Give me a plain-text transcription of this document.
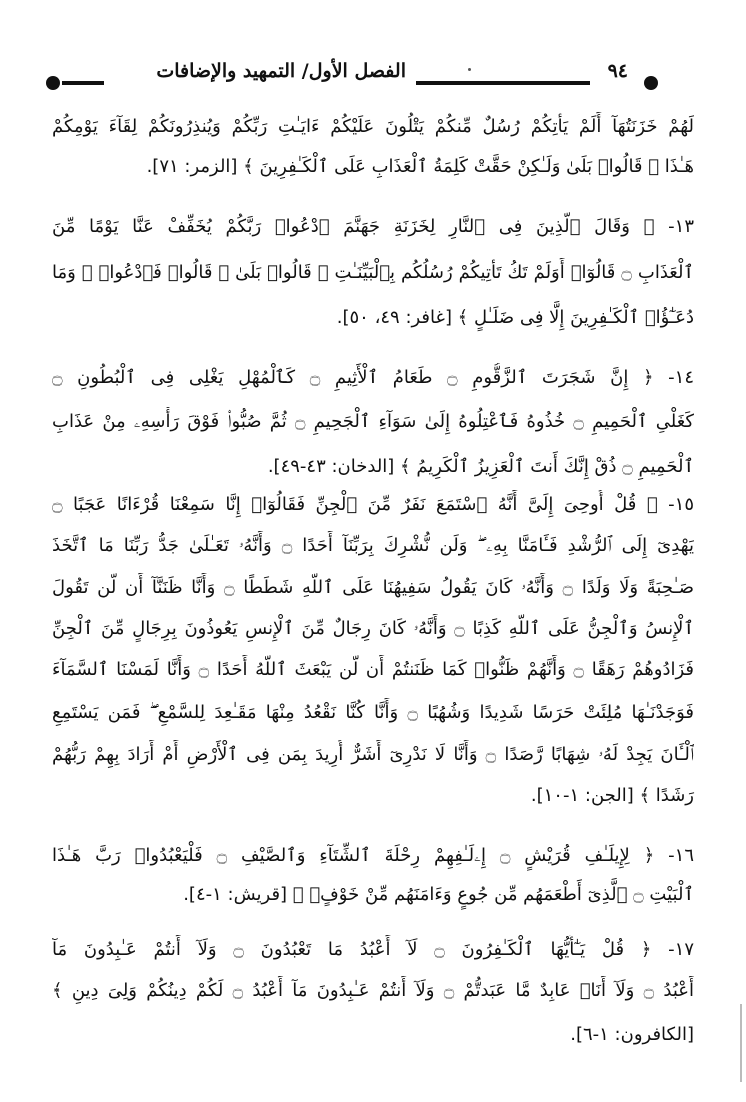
٩٤
الفصل الأول/ التمهيد والإضافات
لَهُمْ خَزَنَتُهَآ أَلَمْ يَأْتِكُمْ رُسُلٌ مِّنكُمْ يَتْلُونَ عَلَيْكُمْ ءَايَـٰتِ رَبِّكُمْ وَيُنذِرُونَكُمْ لِقَآءَ يَوْمِكُمْ
هَـٰذَا ۚ قَالُوا۟ بَلَىٰ وَلَـٰكِنْ حَقَّتْ كَلِمَةُ ٱلْعَذَابِ عَلَى ٱلْكَـٰفِرِينَ ﴾ [الزمر: ٧١].
١٣- ﴿ وَقَالَ ٱلَّذِينَ فِى ٱلنَّارِ لِخَزَنَةِ جَهَنَّمَ ٱدْعُوا۟ رَبَّكُمْ يُخَفِّفْ عَنَّا يَوْمًا مِّنَ
ٱلْعَذَابِ ۝ قَالُوٓا۟ أَوَلَمْ تَكُ تَأْتِيكُمْ رُسُلُكُم بِٱلْبَيِّنَـٰتِ ۖ قَالُوا۟ بَلَىٰ ۚ قَالُوا۟ فَٱدْعُوا۟ ۗ وَمَا
دُعَـٰٓؤُا۟ ٱلْكَـٰفِرِينَ إِلَّا فِى ضَلَـٰلٍ ﴾ [غافر: ٤٩، ٥٠].
١٤- ﴿ إِنَّ شَجَرَتَ ٱلزَّقُّومِ ۝ طَعَامُ ٱلْأَثِيمِ ۝ كَٱلْمُهْلِ يَغْلِى فِى ٱلْبُطُونِ ۝
كَغَلْىِ ٱلْحَمِيمِ ۝ خُذُوهُ فَٱعْتِلُوهُ إِلَىٰ سَوَآءِ ٱلْجَحِيمِ ۝ ثُمَّ صُبُّوا۟ فَوْقَ رَأْسِهِۦ مِنْ عَذَابِ
ٱلْحَمِيمِ ۝ ذُقْ إِنَّكَ أَنتَ ٱلْعَزِيزُ ٱلْكَرِيمُ ﴾ [الدخان: ٤٣-٤٩].
١٥- ﴿ قُلْ أُوحِىَ إِلَىَّ أَنَّهُ ٱسْتَمَعَ نَفَرٌ مِّنَ ٱلْجِنِّ فَقَالُوٓا۟ إِنَّا سَمِعْنَا قُرْءَانًا عَجَبًا ۝
يَهْدِىٓ إِلَى ٱلرُّشْدِ فَـَٔامَنَّا بِهِۦ ۖ وَلَن نُّشْرِكَ بِرَبِّنَآ أَحَدًا ۝ وَأَنَّهُۥ تَعَـٰلَىٰ جَدُّ رَبِّنَا مَا ٱتَّخَذَ
صَـٰحِبَةً وَلَا وَلَدًا ۝ وَأَنَّهُۥ كَانَ يَقُولُ سَفِيهُنَا عَلَى ٱللَّهِ شَطَطًا ۝ وَأَنَّا ظَنَنَّآ أَن لَّن تَقُولَ
ٱلْإِنسُ وَٱلْجِنُّ عَلَى ٱللَّهِ كَذِبًا ۝ وَأَنَّهُۥ كَانَ رِجَالٌ مِّنَ ٱلْإِنسِ يَعُوذُونَ بِرِجَالٍ مِّنَ ٱلْجِنِّ
فَزَادُوهُمْ رَهَقًا ۝ وَأَنَّهُمْ ظَنُّوا۟ كَمَا ظَنَنتُمْ أَن لَّن يَبْعَثَ ٱللَّهُ أَحَدًا ۝ وَأَنَّا لَمَسْنَا ٱلسَّمَآءَ
فَوَجَدْنَـٰهَا مُلِئَتْ حَرَسًا شَدِيدًا وَشُهُبًا ۝ وَأَنَّا كُنَّا نَقْعُدُ مِنْهَا مَقَـٰعِدَ لِلسَّمْعِ ۖ فَمَن يَسْتَمِعِ
ٱلْـَٔانَ يَجِدْ لَهُۥ شِهَابًا رَّصَدًا ۝ وَأَنَّا لَا نَدْرِىٓ أَشَرٌّ أُرِيدَ بِمَن فِى ٱلْأَرْضِ أَمْ أَرَادَ بِهِمْ رَبُّهُمْ
رَشَدًا ﴾ [الجن: ١-١٠].
١٦- ﴿ لِإِيلَـٰفِ قُرَيْشٍ ۝ إِۦلَـٰفِهِمْ رِحْلَةَ ٱلشِّتَآءِ وَٱلصَّيْفِ ۝ فَلْيَعْبُدُوا۟ رَبَّ هَـٰذَا
ٱلْبَيْتِ ۝ ٱلَّذِىٓ أَطْعَمَهُم مِّن جُوعٍ وَءَامَنَهُم مِّنْ خَوْفٍۭ ﴾ [قريش: ١-٤].
١٧- ﴿ قُلْ يَـٰٓأَيُّهَا ٱلْكَـٰفِرُونَ ۝ لَآ أَعْبُدُ مَا تَعْبُدُونَ ۝ وَلَآ أَنتُمْ عَـٰبِدُونَ مَآ
أَعْبُدُ ۝ وَلَآ أَنَا۠ عَابِدٌ مَّا عَبَدتُّمْ ۝ وَلَآ أَنتُمْ عَـٰبِدُونَ مَآ أَعْبُدُ ۝ لَكُمْ دِينُكُمْ وَلِىَ دِينِ ﴾
[الكافرون: ١-٦].
